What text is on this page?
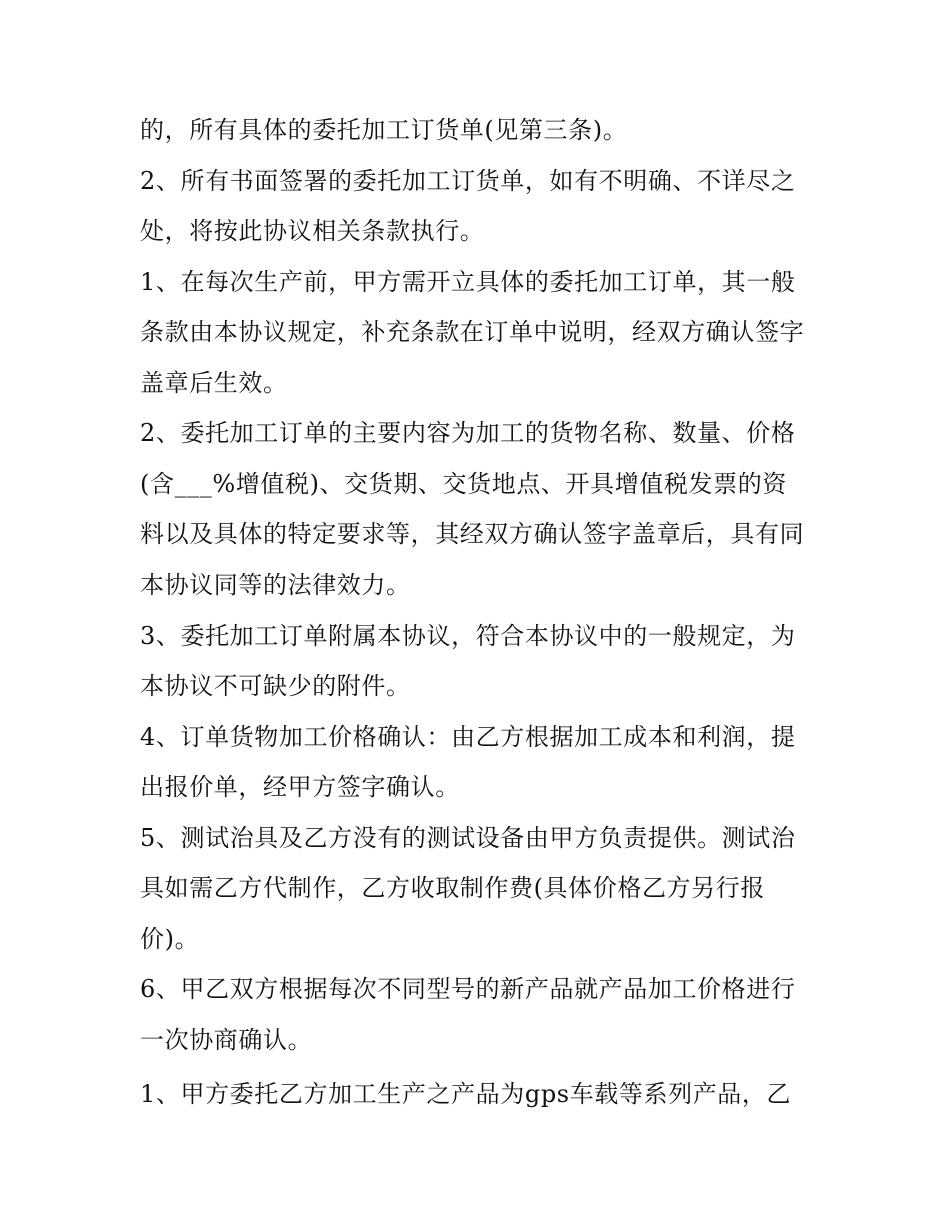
的，所有具体的委托加工订货单(见第三条)。
2、所有书面签署的委托加工订货单，如有不明确、不详尽之
处，将按此协议相关条款执行。
1、在每次生产前，甲方需开立具体的委托加工订单，其一般
条款由本协议规定，补充条款在订单中说明，经双方确认签字
盖章后生效。
2、委托加工订单的主要内容为加工的货物名称、数量、价格
(含___%增值税)、交货期、交货地点、开具增值税发票的资
料以及具体的特定要求等，其经双方确认签字盖章后，具有同
本协议同等的法律效力。
3、委托加工订单附属本协议，符合本协议中的一般规定，为
本协议不可缺少的附件。
4、订单货物加工价格确认：由乙方根据加工成本和利润，提
出报价单，经甲方签字确认。
5、测试治具及乙方没有的测试设备由甲方负责提供。测试治
具如需乙方代制作，乙方收取制作费(具体价格乙方另行报
价)。
6、甲乙双方根据每次不同型号的新产品就产品加工价格进行
一次协商确认。
1、甲方委托乙方加工生产之产品为gps车载等系列产品，乙
